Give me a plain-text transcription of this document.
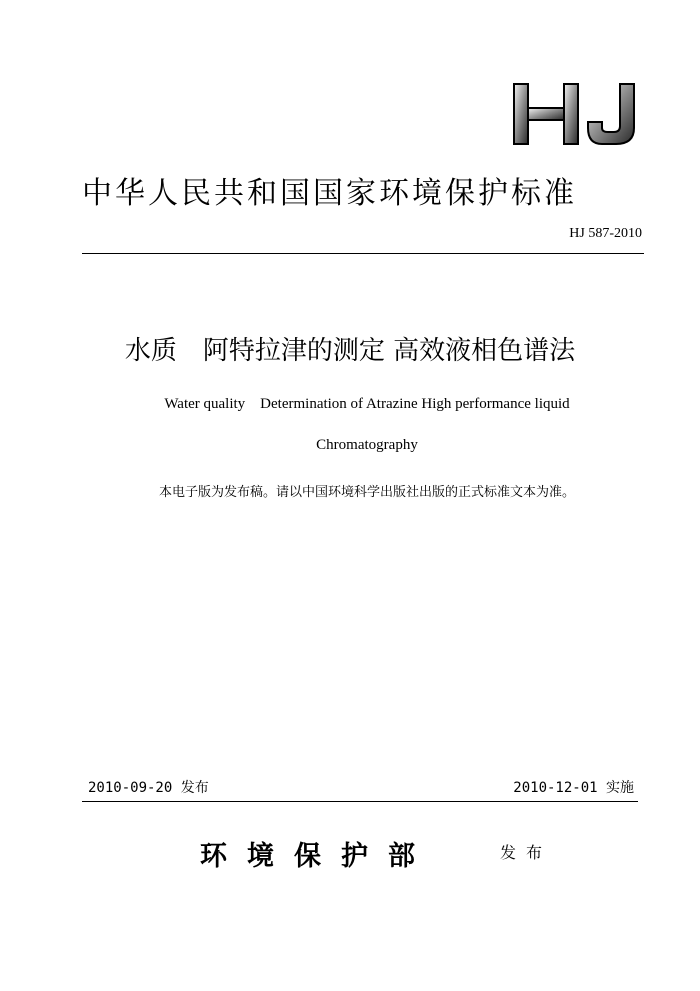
中华人民共和国国家环境保护标准
HJ 587-2010
水质　阿特拉津的测定 高效液相色谱法
Water quality　Determination of Atrazine High performance liquid
Chromatography
本电子版为发布稿。请以中国环境科学出版社出版的正式标准文本为准。
2010-09-20 发布	2010-12-01 实施
环境保护部	发布
